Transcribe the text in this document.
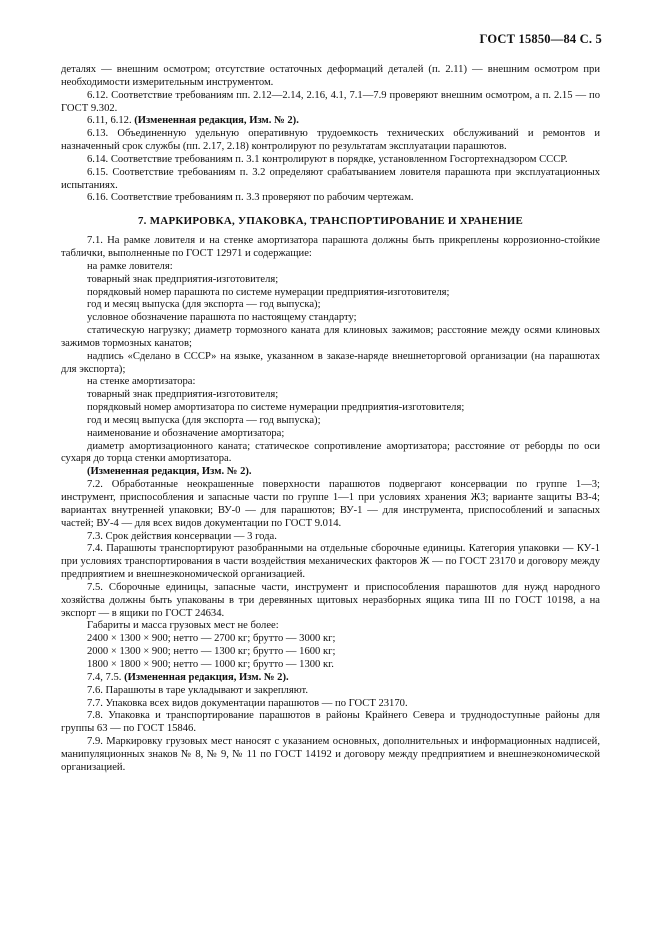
ГОСТ 15850—84 С. 5

деталях — внешним осмотром; отсутствие остаточных деформаций деталей (п. 2.11) — внешним осмотром при необходимости измерительным инструментом.

6.12. Соответствие требованиям пп. 2.12—2.14, 2.16, 4.1, 7.1—7.9 проверяют внешним осмотром, а п. 2.15 — по ГОСТ 9.302.

6.11, 6.12. (Измененная редакция, Изм. № 2).

6.13. Объединенную удельную оперативную трудоемкость технических обслуживаний и ремонтов и назначенный срок службы (пп. 2.17, 2.18) контролируют по результатам эксплуатации парашютов.

6.14. Соответствие требованиям п. 3.1 контролируют в порядке, установленном Госгортехнадзором СССР.

6.15. Соответствие требованиям п. 3.2 определяют срабатыванием ловителя парашюта при эксплуатационных испытаниях.

6.16. Соответствие требованиям п. 3.3 проверяют по рабочим чертежам.

7. МАРКИРОВКА, УПАКОВКА, ТРАНСПОРТИРОВАНИЕ И ХРАНЕНИЕ

7.1. На рамке ловителя и на стенке амортизатора парашюта должны быть прикреплены коррозионно-стойкие таблички, выполненные по ГОСТ 12971 и содержащие:

на рамке ловителя:

товарный знак предприятия-изготовителя;

порядковый номер парашюта по системе нумерации предприятия-изготовителя;

год и месяц выпуска (для экспорта — год выпуска);

условное обозначение парашюта по настоящему стандарту;

статическую нагрузку; диаметр тормозного каната для клиновых зажимов; расстояние между осями клиновых зажимов тормозных канатов;

надпись «Сделано в СССР» на языке, указанном в заказе-наряде внешнеторговой организации (на парашютах для экспорта);

на стенке амортизатора:

товарный знак предприятия-изготовителя;

порядковый номер амортизатора по системе нумерации предприятия-изготовителя;

год и месяц выпуска (для экспорта — год выпуска);

наименование и обозначение амортизатора;

диаметр амортизационного каната; статическое сопротивление амортизатора; расстояние от реборды по оси сухаря до торца стенки амортизатора.

(Измененная редакция, Изм. № 2).

7.2. Обработанные неокрашенные поверхности парашютов подвергают консервации по группе 1—3; инструмент, приспособления и запасные части по группе 1—1 при условиях хранения Ж3; варианте защиты ВЗ-4; вариантах внутренней упаковки; ВУ-0 — для парашютов; ВУ-1 — для инструмента, приспособлений и запасных частей; ВУ-4 — для всех видов документации по ГОСТ 9.014.

7.3. Срок действия консервации — 3 года.

7.4. Парашюты транспортируют разобранными на отдельные сборочные единицы. Категория упаковки — КУ-1 при условиях транспортирования в части воздействия механических факторов Ж — по ГОСТ 23170 и договору между предприятием и внешнеэкономической организацией.

7.5. Сборочные единицы, запасные части, инструмент и приспособления парашютов для нужд народного хозяйства должны быть упакованы в три деревянных щитовых неразборных ящика типа III по ГОСТ 10198, а на экспорт — в ящики по ГОСТ 24634.

Габариты и масса грузовых мест не более:

2400 × 1300 × 900; нетто — 2700 кг; брутто — 3000 кг;

2000 × 1300 × 900; нетто — 1300 кг; брутто — 1600 кг;

1800 × 1800 × 900; нетто — 1000 кг; брутто — 1300 кг.

7.4, 7.5. (Измененная редакция, Изм. № 2).

7.6. Парашюты в таре укладывают и закрепляют.

7.7. Упаковка всех видов документации парашютов — по ГОСТ 23170.

7.8. Упаковка и транспортирование парашютов в районы Крайнего Севера и труднодоступные районы для группы 63 — по ГОСТ 15846.

7.9. Маркировку грузовых мест наносят с указанием основных, дополнительных и информационных надписей, манипуляционных знаков № 8, № 9, № 11 по ГОСТ 14192 и договору между предприятием и внешнеэкономической организацией.
